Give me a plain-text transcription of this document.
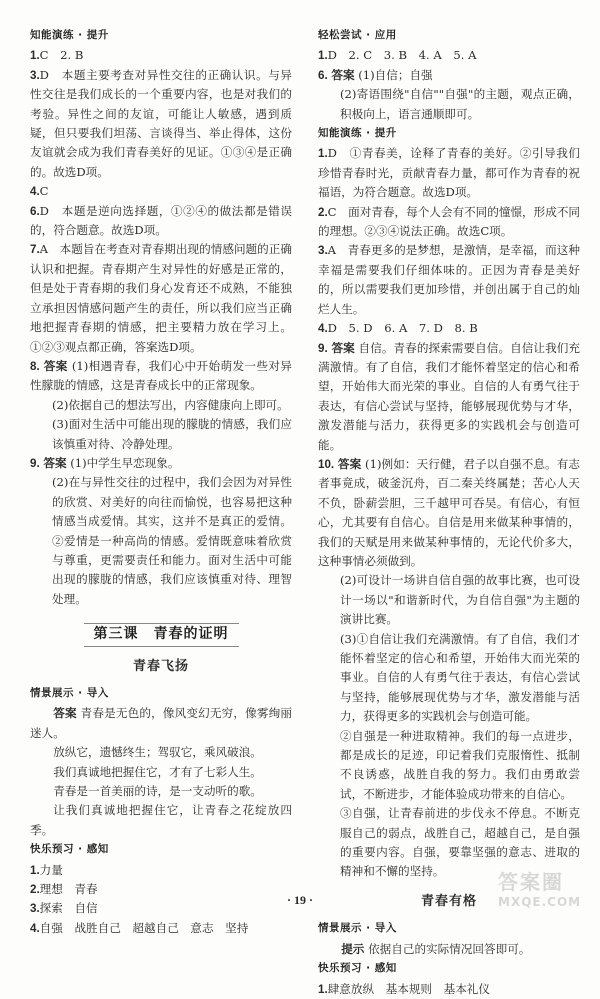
知能演练 · 提升

1.C　2. B

3.D　本题主要考查对异性交往的正确认识。与异性交往是我们成长的一个重要内容，也是对我们的考验。异性之间的友谊，可能让人敏感，遇到质疑，但只要我们坦荡、言谈得当、举止得体，这份友谊就会成为我们青春美好的见证。①③④是正确的。故选D项。

4.C

6.D　本题是逆向选择题，①②④的做法都是错误的，符合题意。故选D项。

7.A　本题旨在考查对青春期出现的情感问题的正确认识和把握。青春期产生对异性的好感是正常的，但是处于青春期的我们身心发育还不成熟，不能独立承担因情感问题产生的责任，所以我们应当正确地把握青春期的情感，把主要精力放在学习上。①②③观点都正确，答案选D项。

8. 答案 (1)相遇青春，我们心中开始萌发一些对异性朦胧的情感，这是青春成长中的正常现象。

(2)依据自己的想法写出，内容健康向上即可。

(3)面对生活中可能出现的朦胧的情感，我们应该慎重对待、冷静处理。

9. 答案 (1)中学生早恋现象。

(2)在与异性交往的过程中，我们会因为对异性的欣赏、对美好的向往而愉悦，也容易把这种情感当成爱情。其实，这并不是真正的爱情。②爱情是一种高尚的情感。爱情既意味着欣赏与尊重，更需要责任和能力。面对生活中可能出现的朦胧的情感，我们应该慎重对待、理智处理。

第三课　青春的证明
青春飞扬
情景展示 · 导入

答案 青春是无色的，像风变幻无穷，像雾绚丽迷人。

放纵它，遗憾终生；驾驭它，乘风破浪。

我们真诚地把握住它，才有了七彩人生。

青春是一首美丽的诗，是一支动听的歌。

让我们真诚地把握住它，让青春之花绽放四季。

快乐预习 · 感知

1.力量

2.理想　青春

3.探索　自信

4.自强　战胜自己　超越自己　意志　坚持

轻松尝试 · 应用

1.D　2. C　3. B　4. A　5. A

6. 答案 (1)自信；自强

(2)寄语围绕"自信""自强"的主题，观点正确，积极向上，语言通顺即可。

知能演练 · 提升

1.D　①青春美，诠释了青春的美好。②引导我们珍惜青春时光，贡献青春力量，都可作为青春的祝福语，为符合题意。故选D项。

2.C　面对青春，每个人会有不同的憧憬，形成不同的理想。②③④说法正确。故选C项。

3.A　青春更多的是梦想，是激情，是幸福，而这种幸福是需要我们仔细体味的。正因为青春是美好的，所以需要我们更加珍惜，并创出属于自己的灿烂人生。

4.D　5. D　6. A　7. D　8. B

9. 答案 自信。青春的探索需要自信。自信让我们充满激情。有了自信，我们才能怀着坚定的信心和希望，开始伟大而光荣的事业。自信的人有勇气往于表达，有信心尝试与坚持，能够展现优势与才华，激发潜能与活力，获得更多的实践机会与创造可能。

10. 答案 (1)例如：天行健，君子以自强不息。有志者事竟成，破釜沉舟，百二秦关终属楚；苦心人天不负，卧薪尝胆，三千越甲可吞吴。有信心，有恒心，尤其要有自信心。自信是用来做某种事情的，我们的天赋是用来做某种事情的，无论代价多大，这种事情必须做到。

(2)可设计一场讲自信自强的故事比赛，也可设计一场以"和谐新时代，为自信自强"为主题的演讲比赛。

(3)①自信让我们充满激情。有了自信，我们才能怀着坚定的信心和希望，开始伟大而光荣的事业。自信的人有勇气往于表达，有信心尝试与坚持，能够展现优势与才华，激发潜能与活力，获得更多的实践机会与创造可能。

②自强是一种进取精神。我们的每一点进步，都是成长的足迹，印记着我们克服惰性、抵制不良诱惑，战胜自我的努力。我们由勇敢尝试，不断进步，才能体验成功带来的自信心。

③自强，让青春前进的步伐永不停息。不断克服自己的弱点，战胜自己，超越自己，是自强的重要内容。自强，要靠坚强的意志、进取的精神和不懈的坚持。

青春有格
情景展示 · 导入

提示 依据自己的实际情况回答即可。

快乐预习 · 感知

1.肆意放纵　基本规则　基本礼仪

· 19 ·
答案圈
MXQE.COM
